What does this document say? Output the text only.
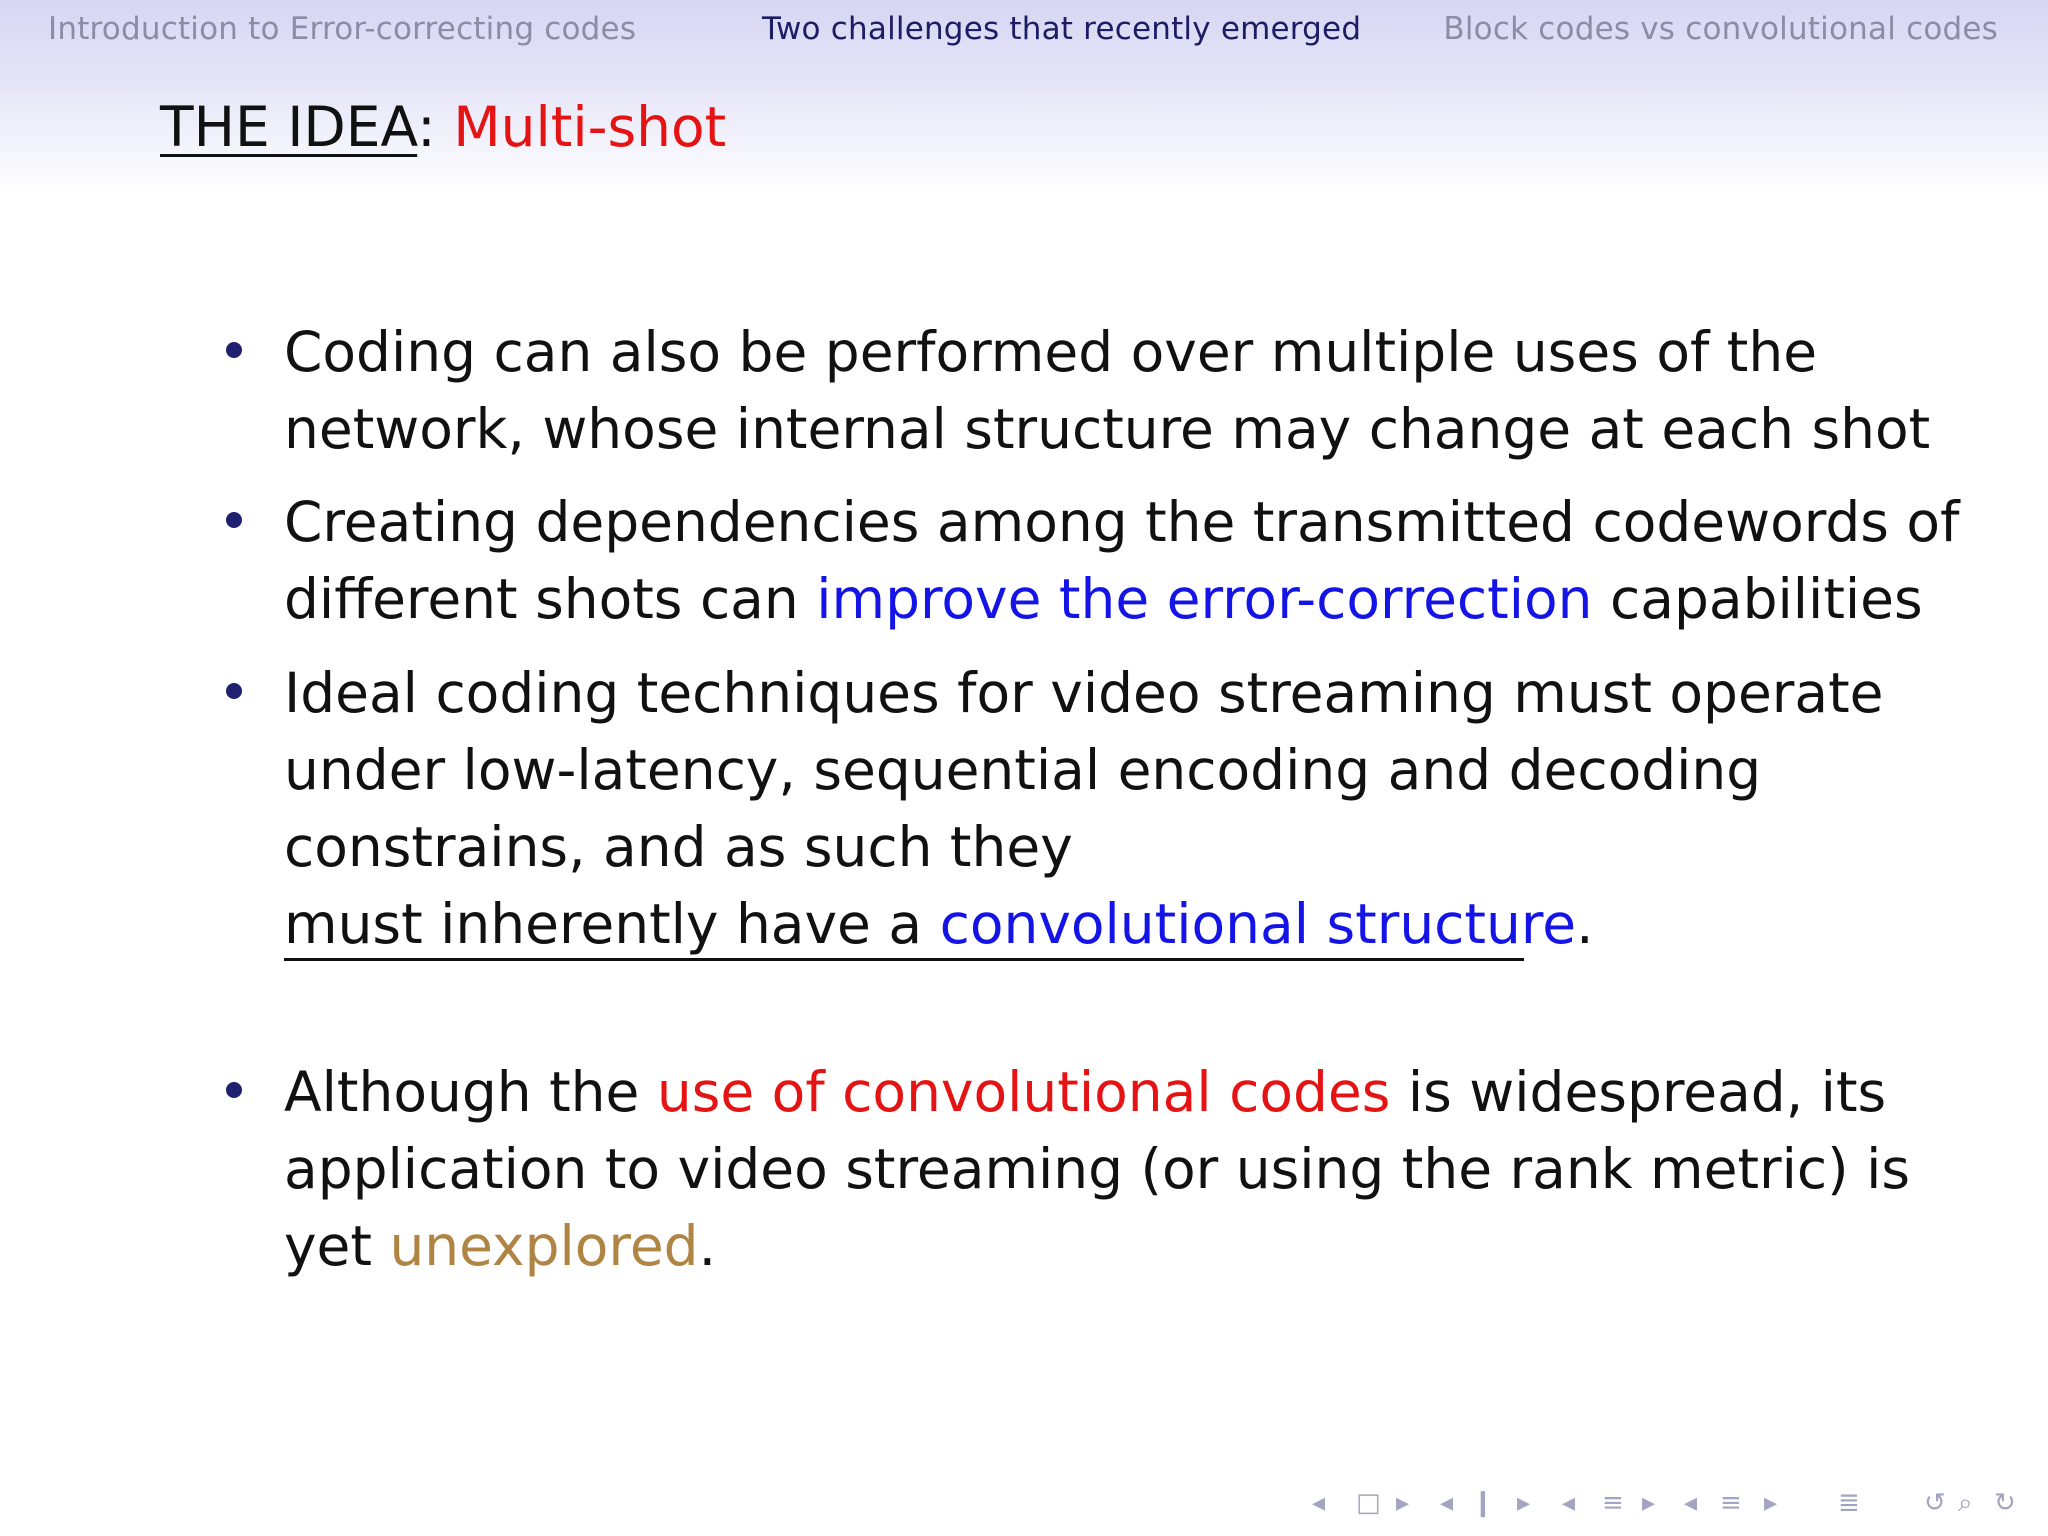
Introduction to Error-correcting codes	Two challenges that recently emerged	Block codes vs convolutional codes
THE IDEA: Multi-shot
Coding can also be performed over multiple uses of the
network, whose internal structure may change at each shot
Creating dependencies among the transmitted codewords of
different shots can improve the error-correction capabilities
Ideal coding techniques for video streaming must operate
under low-latency, sequential encoding and decoding
constrains, and as such they
must inherently have a convolutional structure.
Although the use of convolutional codes is widespread, its
application to video streaming (or using the rank metric) is
yet unexplored.
◂ □ ▸ ◂ ❙ ▸ ◂ ≡ ▸ ◂ ≡ ▸ ≣ ↺ ⌕ ↻
